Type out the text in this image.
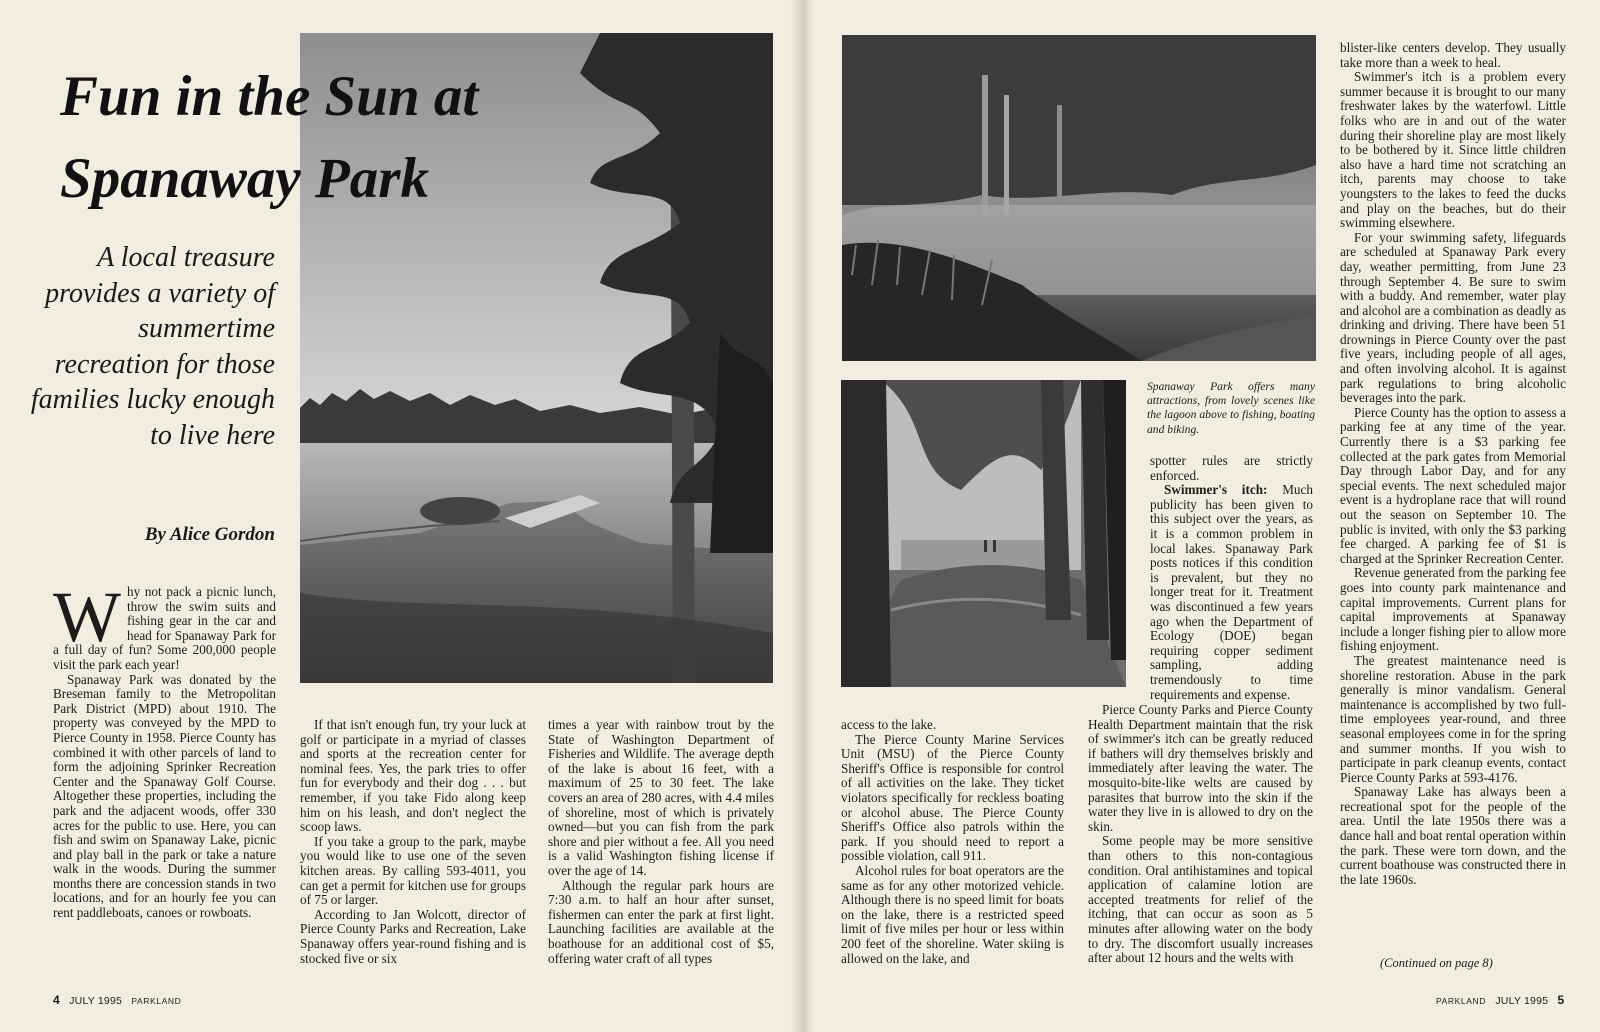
Fun in the Sun at
Spanaway Park
A local treasure provides a variety of summertime recreation for those families lucky enough to live here
By Alice Gordon

Why not pack a picnic lunch, throw the swim suits and fishing gear in the car and head for Spanaway Park for a full day of fun? Some 200,000 people visit the park each year!

Spanaway Park was donated by the Breseman family to the Metropolitan Park District (MPD) about 1910. The property was conveyed by the MPD to Pierce County in 1958. Pierce County has combined it with other parcels of land to form the adjoining Sprinker Recreation Center and the Spanaway Golf Course. Altogether these properties, including the park and the adjacent woods, offer 330 acres for the public to use. Here, you can fish and swim on Spanaway Lake, picnic and play ball in the park or take a nature walk in the woods. During the summer months there are concession stands in two locations, and for an hourly fee you can rent paddleboats, canoes or rowboats.

If that isn't enough fun, try your luck at golf or participate in a myriad of classes and sports at the recreation center for nominal fees. Yes, the park tries to offer fun for everybody and their dog . . . but remember, if you take Fido along keep him on his leash, and don't neglect the scoop laws.

If you take a group to the park, maybe you would like to use one of the seven kitchen areas. By calling 593-4011, you can get a permit for kitchen use for groups of 75 or larger.

According to Jan Wolcott, director of Pierce County Parks and Recreation, Lake Spanaway offers year-round fishing and is stocked five or six

times a year with rainbow trout by the State of Washington Department of Fisheries and Wildlife. The average depth of the lake is about 16 feet, with a maximum of 25 to 30 feet. The lake covers an area of 280 acres, with 4.4 miles of shoreline, most of which is privately owned—but you can fish from the park shore and pier without a fee. All you need is a valid Washington fishing license if over the age of 14.

Although the regular park hours are 7:30 a.m. to half an hour after sunset, fishermen can enter the park at first light. Launching facilities are available at the boathouse for an additional cost of $5, offering water craft of all types

Spanaway Park offers many attractions, from lovely scenes like the lagoon above to fishing, boating and biking.

access to the lake.

The Pierce County Marine Services Unit (MSU) of the Pierce County Sheriff's Office is responsible for control of all activities on the lake. They ticket violators specifically for reckless boating or alcohol abuse. The Pierce County Sheriff's Office also patrols within the park. If you should need to report a possible violation, call 911.

Alcohol rules for boat operators are the same as for any other motorized vehicle. Although there is no speed limit for boats on the lake, there is a restricted speed limit of five miles per hour or less within 200 feet of the shoreline. Water skiing is allowed on the lake, and

spotter rules are strictly enforced.

Swimmer's itch: Much publicity has been given to this subject over the years, as it is a common problem in local lakes. Spanaway Park posts notices if this condition is prevalent, but they no longer treat for it. Treatment was discontinued a few years ago when the Department of Ecology (DOE) began requiring copper sediment sampling, adding tremendously to time requirements and expense.

Pierce County Parks and Pierce County Health Department maintain that the risk of swimmer's itch can be greatly reduced if bathers will dry themselves briskly and immediately after leaving the water. The mosquito-bite-like welts are caused by parasites that burrow into the skin if the water they live in is allowed to dry on the skin.

Some people may be more sensitive than others to this non-contagious condition. Oral antihistamines and topical application of calamine lotion are accepted treatments for relief of the itching, that can occur as soon as 5 minutes after allowing water on the body to dry. The discomfort usually increases after about 12 hours and the welts with

blister-like centers develop. They usually take more than a week to heal.

Swimmer's itch is a problem every summer because it is brought to our many freshwater lakes by the waterfowl. Little folks who are in and out of the water during their shoreline play are most likely to be bothered by it. Since little children also have a hard time not scratching an itch, parents may choose to take youngsters to the lakes to feed the ducks and play on the beaches, but do their swimming elsewhere.

For your swimming safety, lifeguards are scheduled at Spanaway Park every day, weather permitting, from June 23 through September 4. Be sure to swim with a buddy. And remember, water play and alcohol are a combination as deadly as drinking and driving. There have been 51 drownings in Pierce County over the past five years, including people of all ages, and often involving alcohol. It is against park regulations to bring alcoholic beverages into the park.

Pierce County has the option to assess a parking fee at any time of the year. Currently there is a $3 parking fee collected at the park gates from Memorial Day through Labor Day, and for any special events. The next scheduled major event is a hydroplane race that will round out the season on September 10. The public is invited, with only the $3 parking fee charged. A parking fee of $1 is charged at the Sprinker Recreation Center.

Revenue generated from the parking fee goes into county park maintenance and capital improvements. Current plans for capital improvements at Spanaway include a longer fishing pier to allow more fishing enjoyment.

The greatest maintenance need is shoreline restoration. Abuse in the park generally is minor vandalism. General maintenance is accomplished by two full-time employees year-round, and three seasonal employees come in for the spring and summer months. If you wish to participate in park cleanup events, contact Pierce County Parks at 593-4176.

Spanaway Lake has always been a recreational spot for the people of the area. Until the late 1950s there was a dance hall and boat rental operation within the park. These were torn down, and the current boathouse was constructed there in the late 1960s.

(Continued on page 8)
4 JULY 1995 PARKLAND	PARKLAND JULY 1995 5
